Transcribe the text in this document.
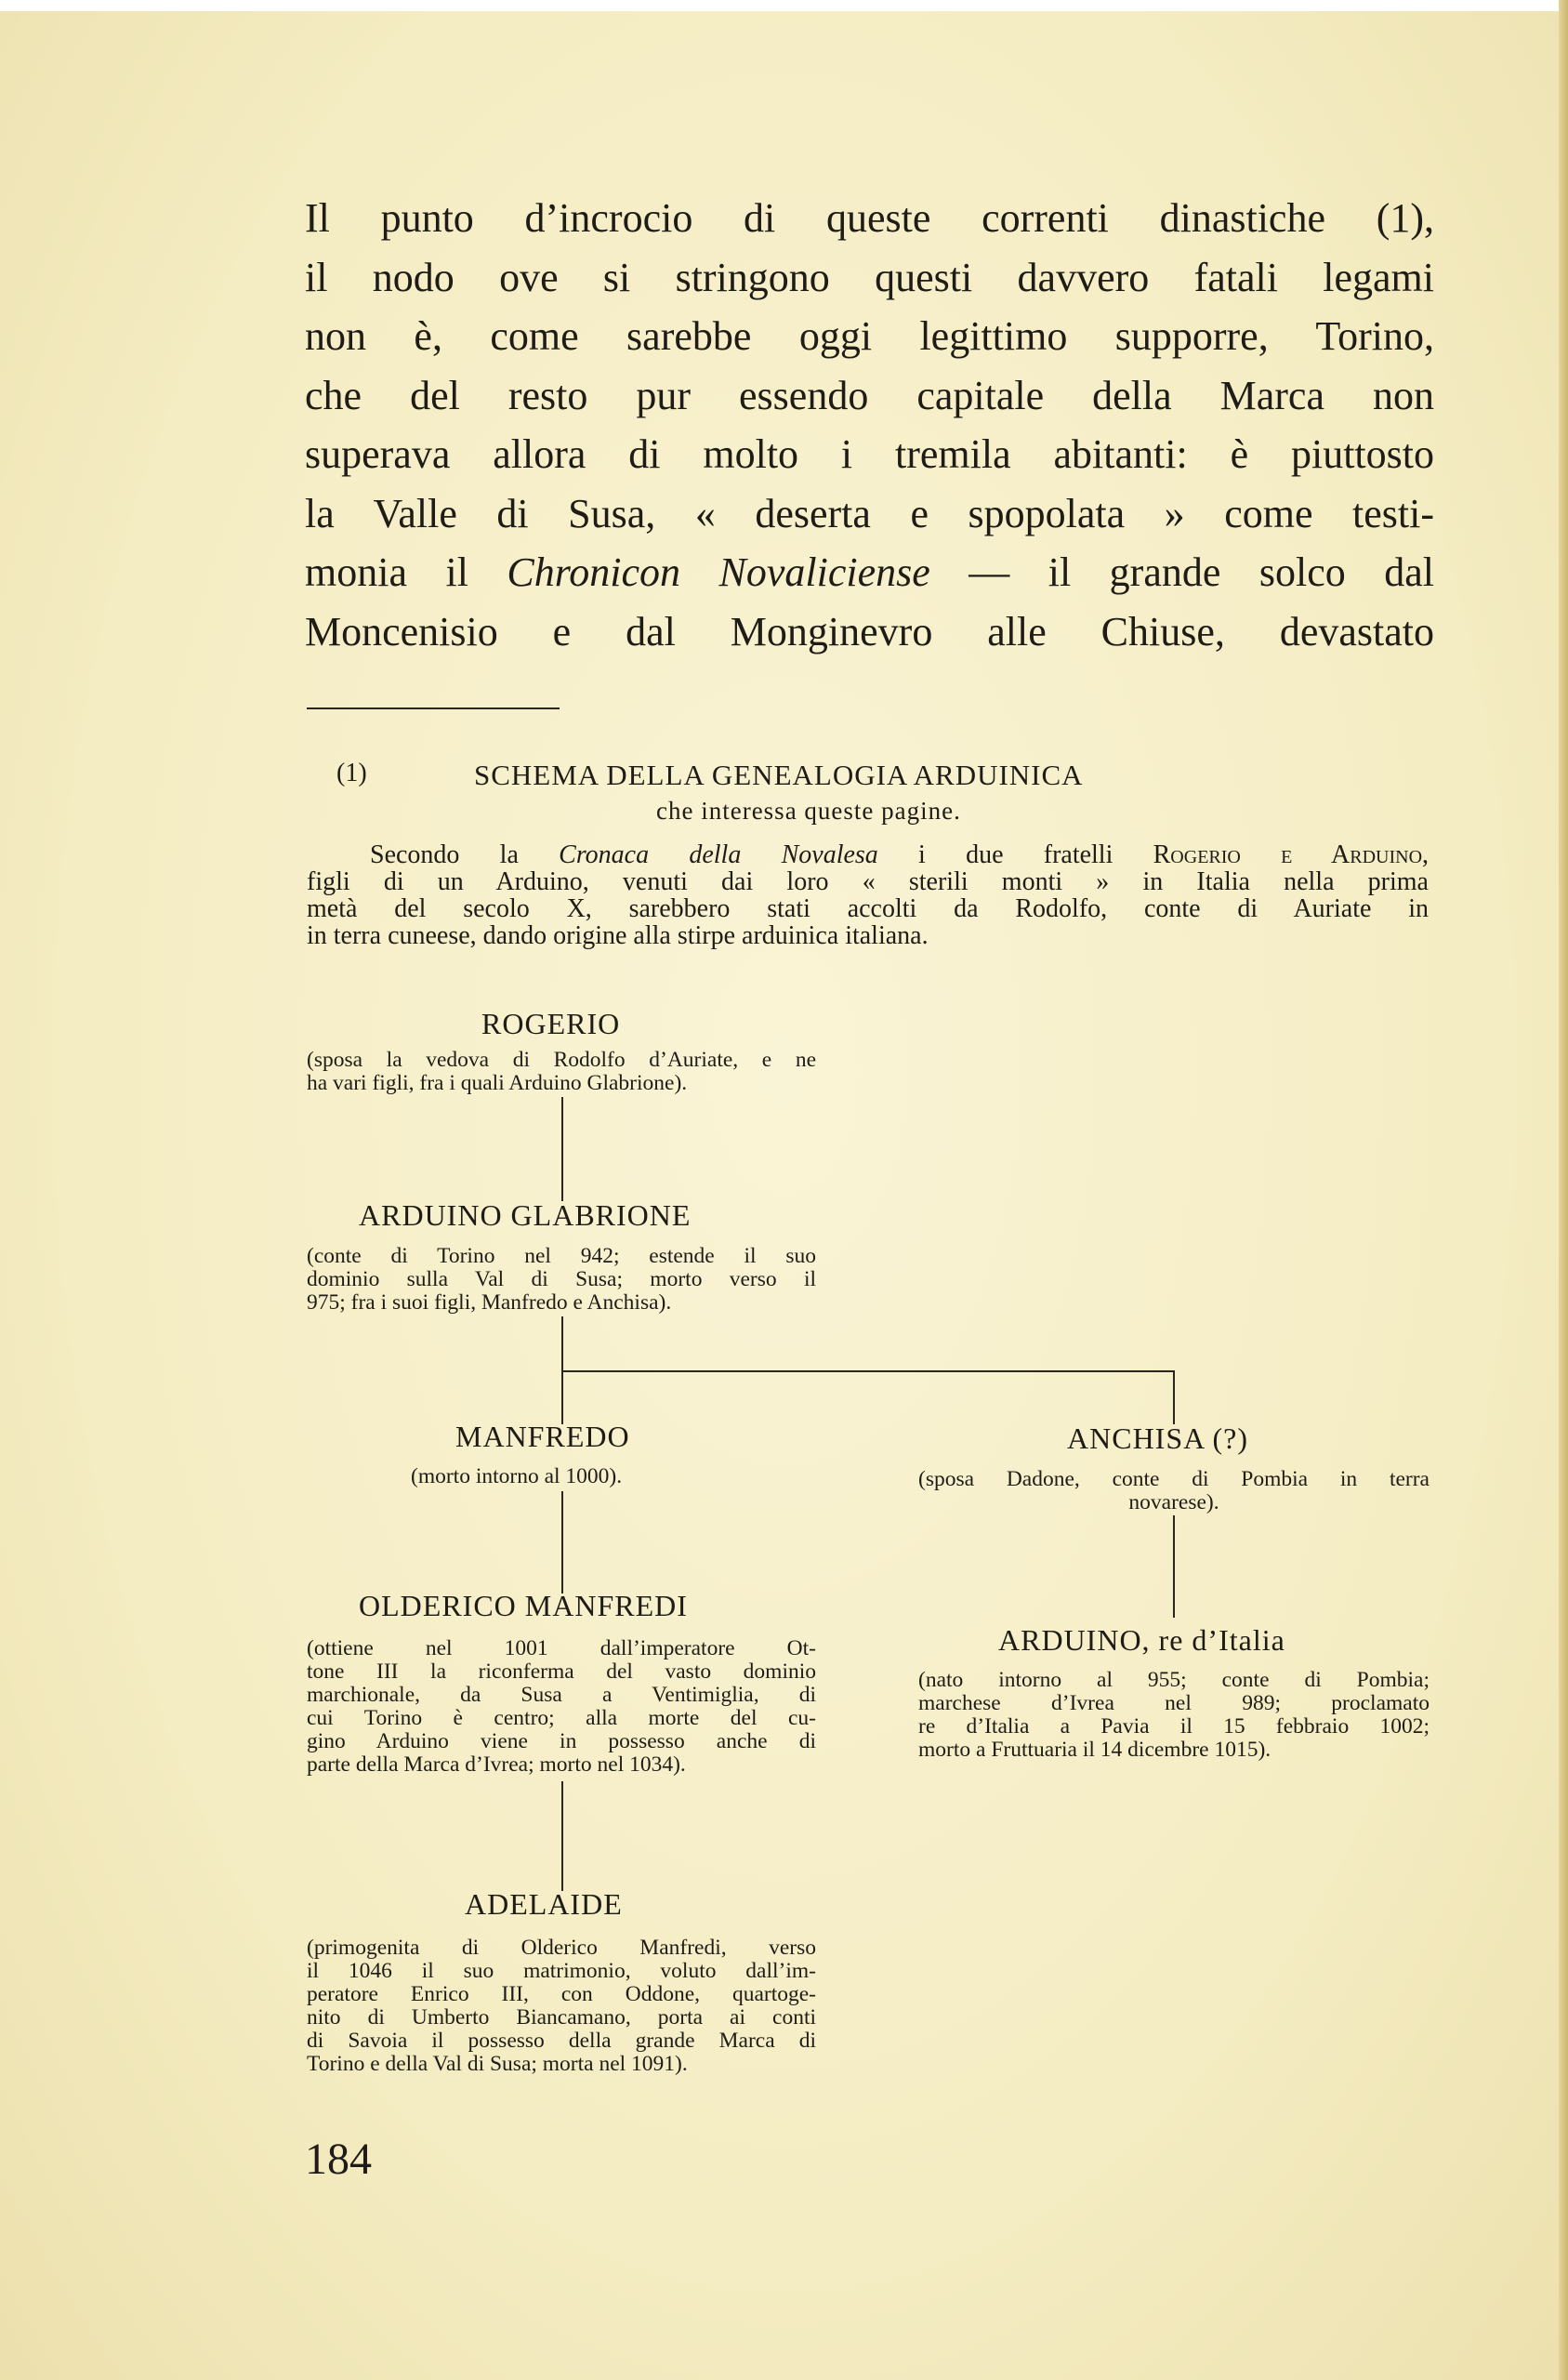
Il punto d’incrocio di queste correnti dinastiche (1),
il nodo ove si stringono questi davvero fatali legami
non è, come sarebbe oggi legittimo supporre, Torino,
che del resto pur essendo capitale della Marca non
superava allora di molto i tremila abitanti: è piuttosto
la Valle di Susa, « deserta e spopolata » come testi-
monia il Chronicon Novaliciense — il grande solco dal
Moncenisio e dal Monginevro alle Chiuse, devastato
(1)	SCHEMA DELLA GENEALOGIA ARDUINICA
che interessa queste pagine.
Secondo la Cronaca della Novalesa i due fratelli Rogerio e Arduino,
figli di un Arduino, venuti dai loro « sterili monti » in Italia nella prima
metà del secolo X, sarebbero stati accolti da Rodolfo, conte di Auriate in
in terra cuneese, dando origine alla stirpe arduinica italiana.
ROGERIO
(sposa la vedova di Rodolfo d’Auriate, e ne
ha vari figli, fra i quali Arduino Glabrione).
ARDUINO GLABRIONE
(conte di Torino nel 942; estende il suo
dominio sulla Val di Susa; morto verso il
975; fra i suoi figli, Manfredo e Anchisa).
MANFREDO
(morto intorno al 1000).
ANCHISA (?)
(sposa Dadone, conte di Pombia in terra
novarese).
OLDERICO MANFREDI
(ottiene nel 1001 dall’imperatore Ot-
tone III la riconferma del vasto dominio
marchionale, da Susa a Ventimiglia, di
cui Torino è centro; alla morte del cu-
gino Arduino viene in possesso anche di
parte della Marca d’Ivrea; morto nel 1034).
ARDUINO, re d’Italia
(nato intorno al 955; conte di Pombia;
marchese d’Ivrea nel 989; proclamato
re d’Italia a Pavia il 15 febbraio 1002;
morto a Fruttuaria il 14 dicembre 1015).
ADELAIDE
(primogenita di Olderico Manfredi, verso
il 1046 il suo matrimonio, voluto dall’im-
peratore Enrico III, con Oddone, quartoge-
nito di Umberto Biancamano, porta ai conti
di Savoia il possesso della grande Marca di
Torino e della Val di Susa; morta nel 1091).
184
